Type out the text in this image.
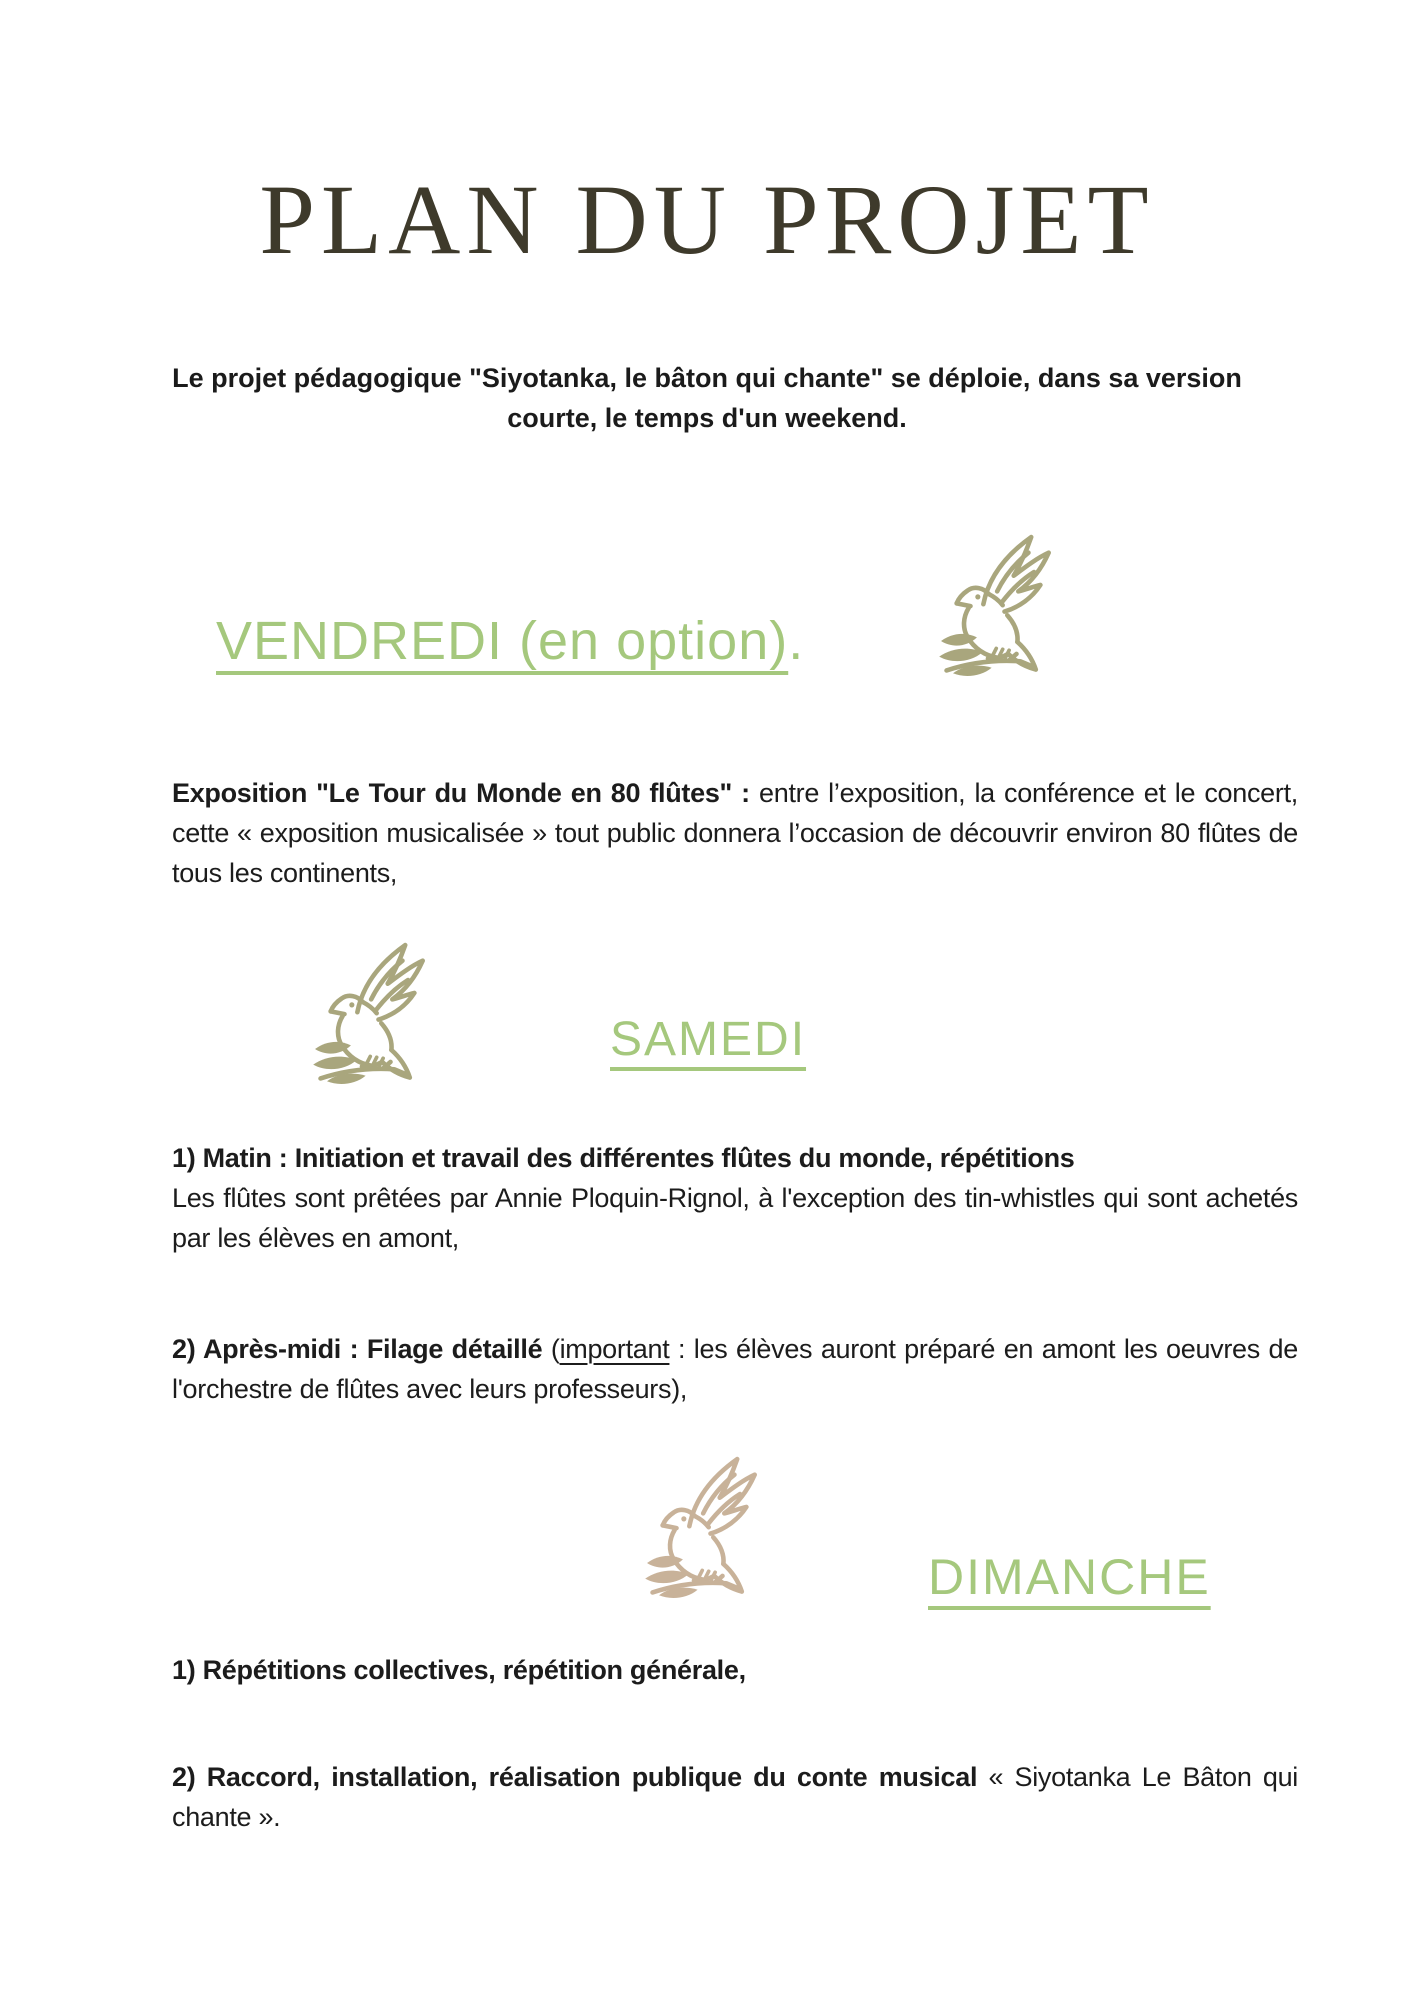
PLAN DU PROJET
Le projet pédagogique "Siyotanka, le bâton qui chante" se déploie, dans sa version
courte, le temps d'un weekend.
VENDREDI (en option).

Exposition "Le Tour du Monde en 80 flûtes" : entre l’exposition, la conférence et le concert, cette « exposition musicalisée » tout public donnera l’occasion de découvrir environ 80 flûtes de tous les continents,

SAMEDI
1) Matin : Initiation et travail des différentes flûtes du monde, répétitions
Les flûtes sont prêtées par Annie Ploquin-Rignol, à l'exception des tin-whistles qui sont achetés par les élèves en amont,

2) Après-midi : Filage détaillé (important : les élèves auront préparé en amont les oeuvres de l'orchestre de flûtes avec leurs professeurs),

DIMANCHE
1) Répétitions collectives, répétition générale,

2) Raccord, installation, réalisation publique du conte musical « Siyotanka Le Bâton qui chante ».
